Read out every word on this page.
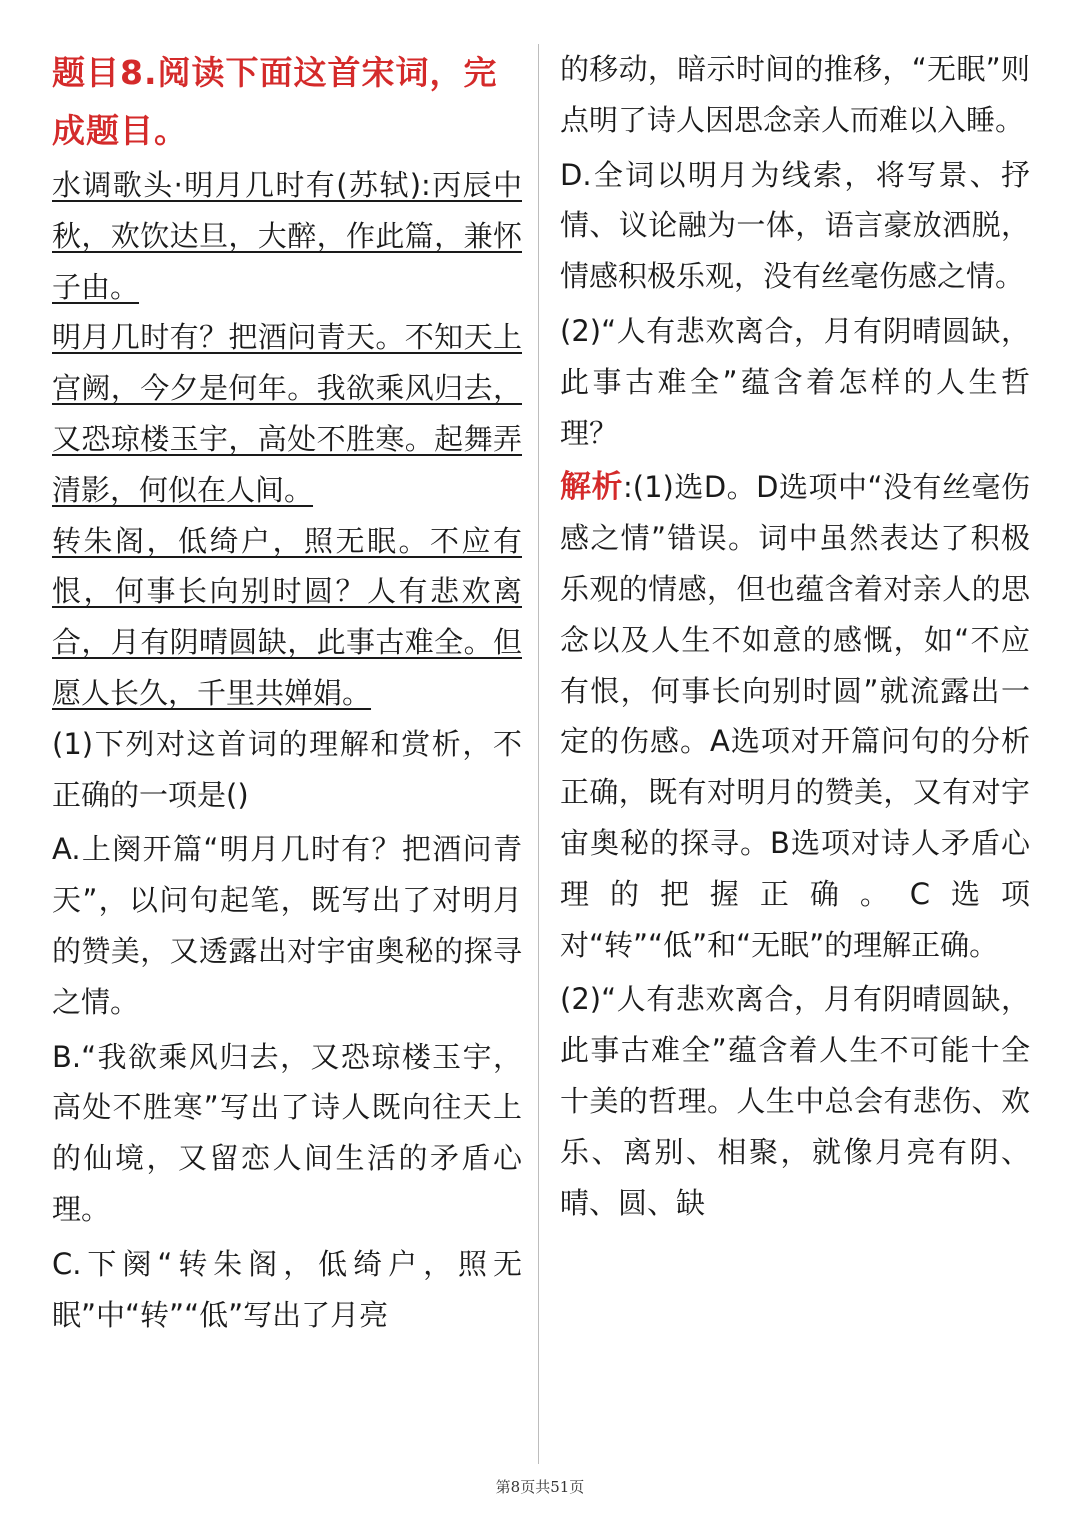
题目8.阅读下面这首宋词，完成题目。

水调歌头·明月几时有(苏轼):丙辰中秋，欢饮达旦，大醉，作此篇，兼怀子由。

明月几时有？把酒问青天。不知天上宫阙，今夕是何年。我欲乘风归去，又恐琼楼玉宇，高处不胜寒。起舞弄清影，何似在人间。

转朱阁，低绮户，照无眠。不应有恨，何事长向别时圆？人有悲欢离合，月有阴晴圆缺，此事古难全。但愿人长久，千里共婵娟。

(1)下列对这首词的理解和赏析，不正确的一项是()

A.上阕开篇“明月几时有？把酒问青天”，以问句起笔，既写出了对明月的赞美，又透露出对宇宙奥秘的探寻之情。

B.“我欲乘风归去，又恐琼楼玉宇，高处不胜寒”写出了诗人既向往天上的仙境，又留恋人间生活的矛盾心理。

C.下阕“转朱阁，低绮户，照无眠”中“转”“低”写出了月亮

的移动，暗示时间的推移，“无眠”则点明了诗人因思念亲人而难以入睡。

D.全词以明月为线索，将写景、抒情、议论融为一体，语言豪放洒脱，情感积极乐观，没有丝毫伤感之情。

(2)“人有悲欢离合，月有阴晴圆缺，此事古难全”蕴含着怎样的人生哲理？

解析:(1)选D。D选项中“没有丝毫伤感之情”错误。词中虽然表达了积极乐观的情感，但也蕴含着对亲人的思念以及人生不如意的感慨，如“不应有恨，何事长向别时圆”就流露出一定的伤感。A选项对开篇问句的分析正确，既有对明月的赞美，又有对宇宙奥秘的探寻。B选项对诗人矛盾心理的把握正确。C选项对“转”“低”和“无眠”的理解正确。

(2)“人有悲欢离合，月有阴晴圆缺，此事古难全”蕴含着人生不可能十全十美的哲理。人生中总会有悲伤、欢乐、离别、相聚，就像月亮有阴、晴、圆、缺

第8页共51页
